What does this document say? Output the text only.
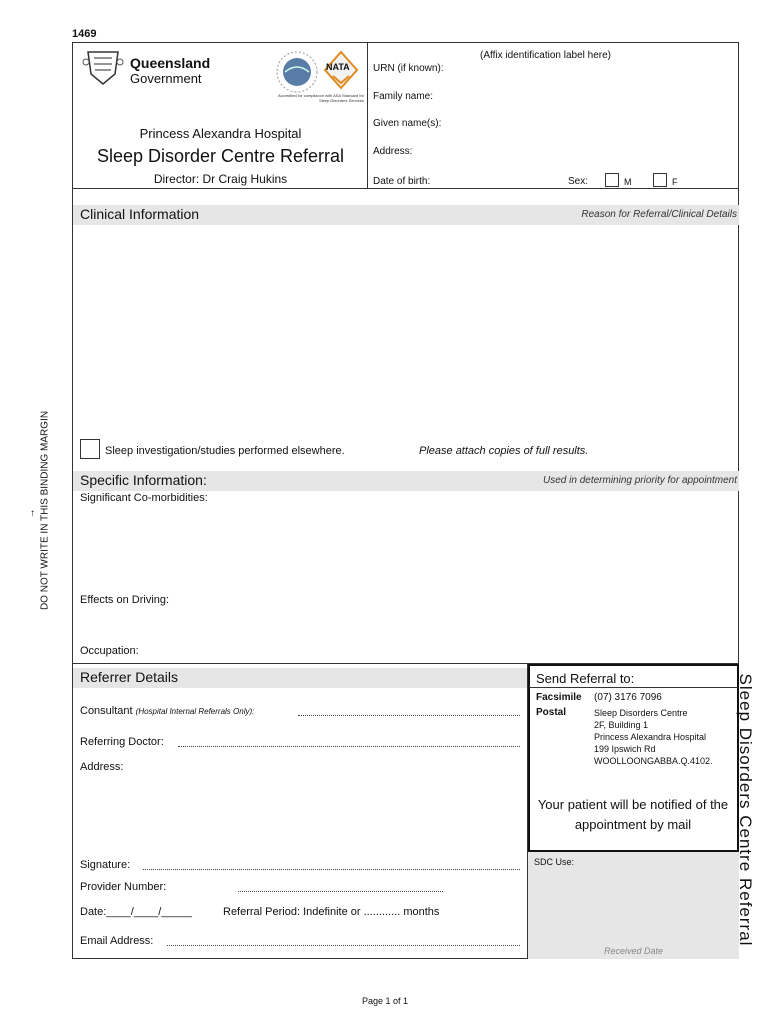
1469
Queensland
Government
NATA
Accredited for compliance with ASA Standard for Sleep Disorders Services
Princess Alexandra Hospital
Sleep Disorder Centre Referral
Director: Dr Craig Hukins
(Affix identification label here)
URN (if known):
Family name:
Given name(s):
Address:
Date of birth:	Sex:	M	F
Clinical Information	Reason for Referral/Clinical Details
Sleep investigation/studies performed elsewhere.	Please attach copies of full results.
Specific Information:	Used in determining priority for appointment
Significant Co-morbidities:
Effects on Driving:
Occupation:
Referrer Details
Consultant (Hospital Internal Referrals Only):
Referring Doctor:
Address:
Signature:
Provider Number:
Date:____/____/_____	Referral Period: Indefinite or ............ months
Email Address:
Send Referral to:
Facsimile (07) 3176 7096
Postal	Sleep Disorders Centre
2F, Building 1
Princess Alexandra Hospital
199 Ipswich Rd
WOOLLOONGABBA.Q.4102.
Your patient will be notified of the appointment by mail
SDC Use:
Received Date
DO NOT WRITE IN THIS BINDING MARGIN
↑
Sleep Disorders Centre Referral
Page 1 of 1
